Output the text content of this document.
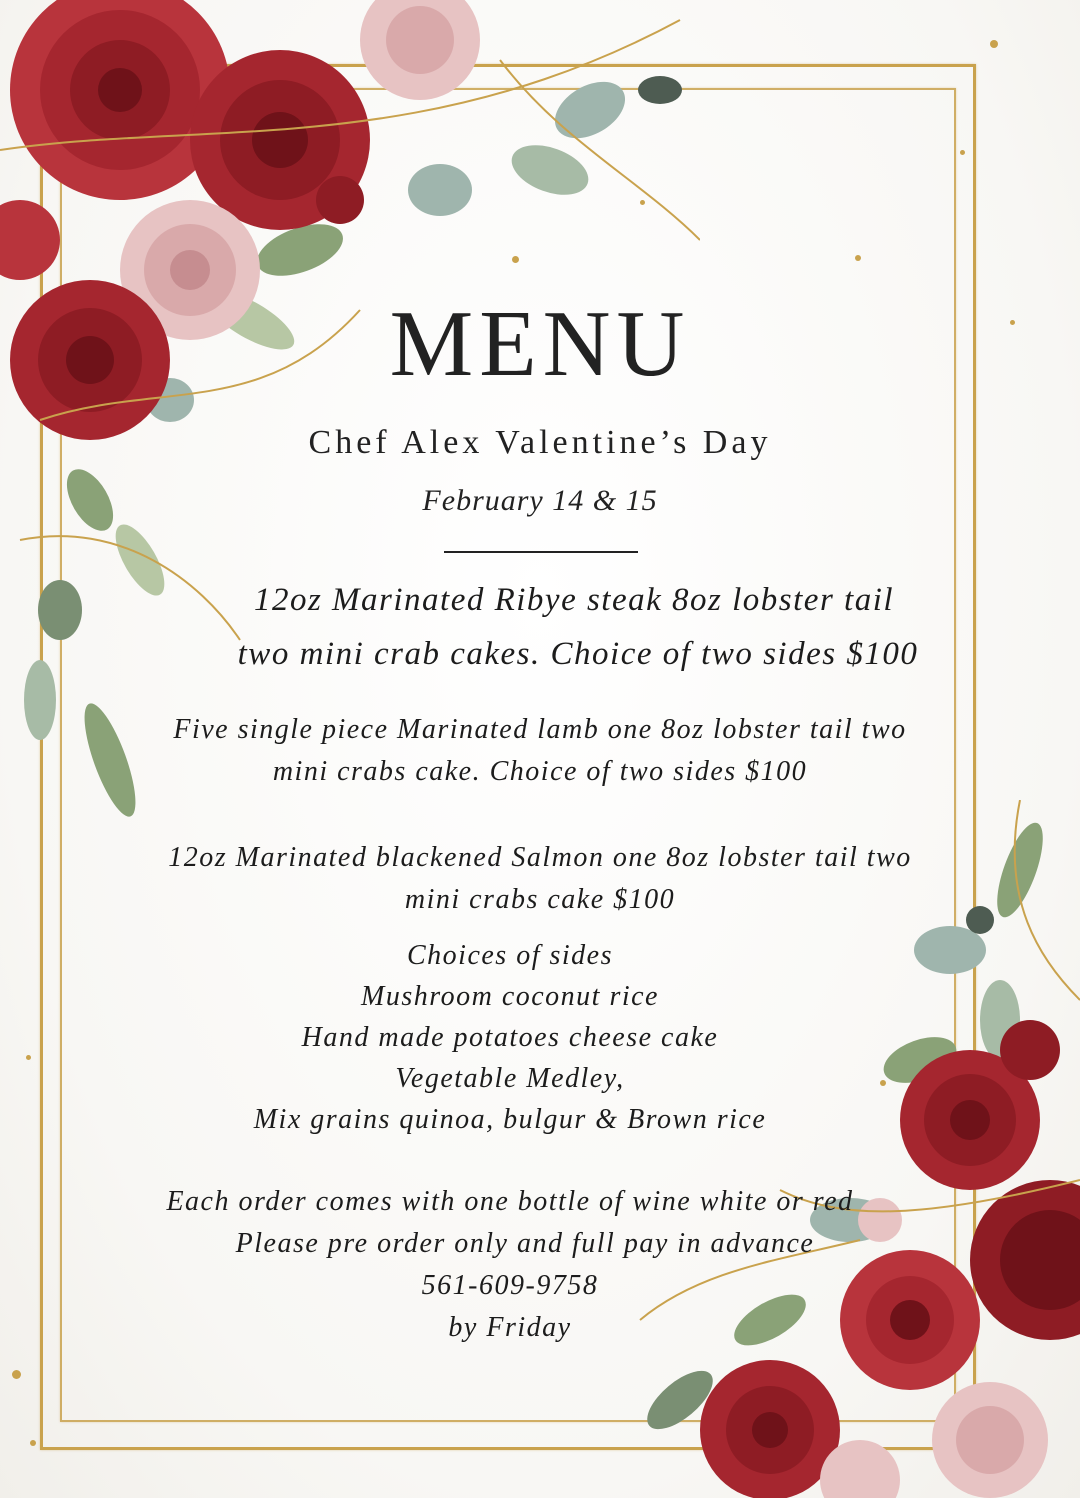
MENU
Chef Alex Valentine’s Day
February 14 & 15
12oz Marinated Ribye steak 8oz lobster tail
two mini crab cakes. Choice of two sides $100
Five single piece Marinated lamb one 8oz lobster tail two
mini crabs cake. Choice of two sides $100
12oz Marinated blackened Salmon one 8oz lobster tail two
mini crabs cake $100
Choices of sides
Mushroom coconut rice
Hand made potatoes cheese cake
Vegetable Medley,
Mix grains quinoa, bulgur & Brown rice
Each order comes with one bottle of wine white or red
Please pre order only and full pay in advance
561-609-9758
by Friday
